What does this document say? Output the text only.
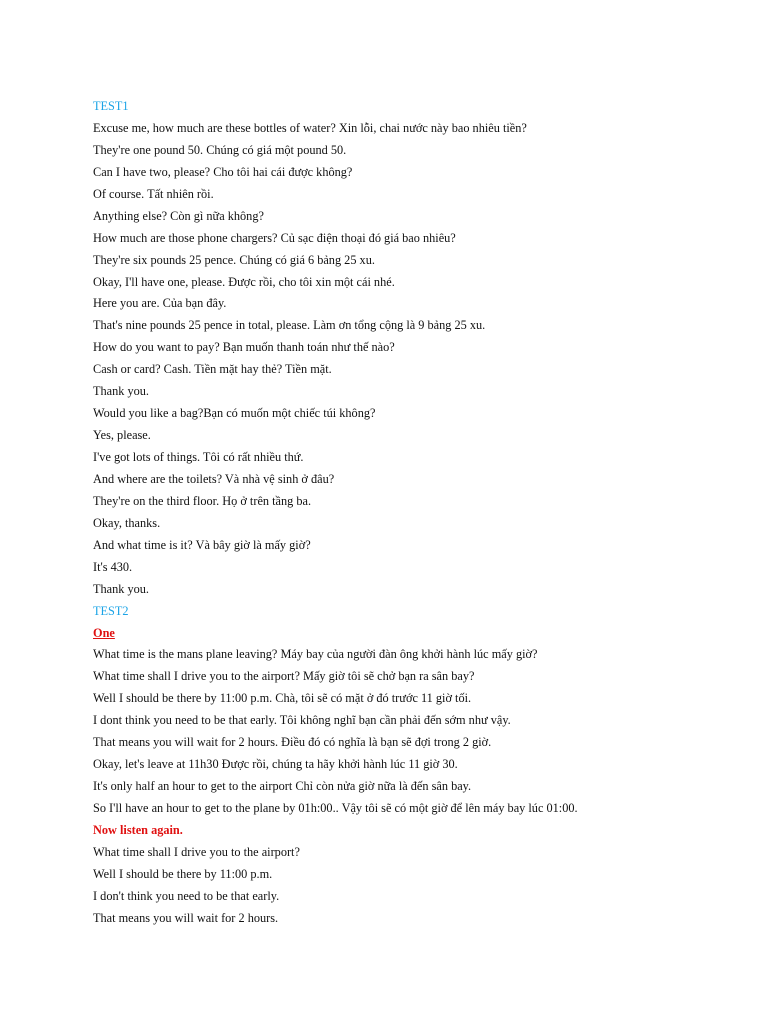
TEST1
Excuse me, how much are these bottles of water? Xin lỗi, chai nước này bao nhiêu tiền?
They're one pound 50. Chúng có giá một pound 50.
Can I have two, please? Cho tôi hai cái được không?
Of course. Tất nhiên rồi.
Anything else? Còn gì nữa không?
How much are those phone chargers? Củ sạc điện thoại đó giá bao nhiêu?
They're six pounds 25 pence. Chúng có giá 6 bảng 25 xu.
Okay, I'll have one, please. Được rồi, cho tôi xin một cái nhé.
Here you are. Của bạn đây.
That's nine pounds 25 pence in total, please. Làm ơn tổng cộng là 9 bảng 25 xu.
How do you want to pay? Bạn muốn thanh toán như thế nào?
Cash or card? Cash. Tiền mặt hay thẻ? Tiền mặt.
Thank you.
Would you like a bag?Bạn có muốn một chiếc túi không?
Yes, please.
I've got lots of things. Tôi có rất nhiều thứ.
And where are the toilets? Và nhà vệ sinh ở đâu?
They're on the third floor. Họ ở trên tầng ba.
Okay, thanks.
And what time is it? Và bây giờ là mấy giờ?
It's 430.
Thank you.
TEST2
One
What time is the mans plane leaving? Máy bay của người đàn ông khởi hành lúc mấy giờ?
What time shall I drive you to the airport? Mấy giờ tôi sẽ chở bạn ra sân bay?
Well I should be there by 11:00 p.m. Chà, tôi sẽ có mặt ở đó trước 11 giờ tối.
I dont think you need to be that early. Tôi không nghĩ bạn cần phải đến sớm như vậy.
That means you will wait for 2 hours. Điều đó có nghĩa là bạn sẽ đợi trong 2 giờ.
Okay, let's leave at 11h30 Được rồi, chúng ta hãy khởi hành lúc 11 giờ 30.
It's only half an hour to get to the airport Chỉ còn nửa giờ nữa là đến sân bay.
So I'll have an hour to get to the plane by 01h:00.. Vậy tôi sẽ có một giờ để lên máy bay lúc 01:00.
Now listen again.
What time shall I drive you to the airport?
Well I should be there by 11:00 p.m.
I don't think you need to be that early.
That means you will wait for 2 hours.
